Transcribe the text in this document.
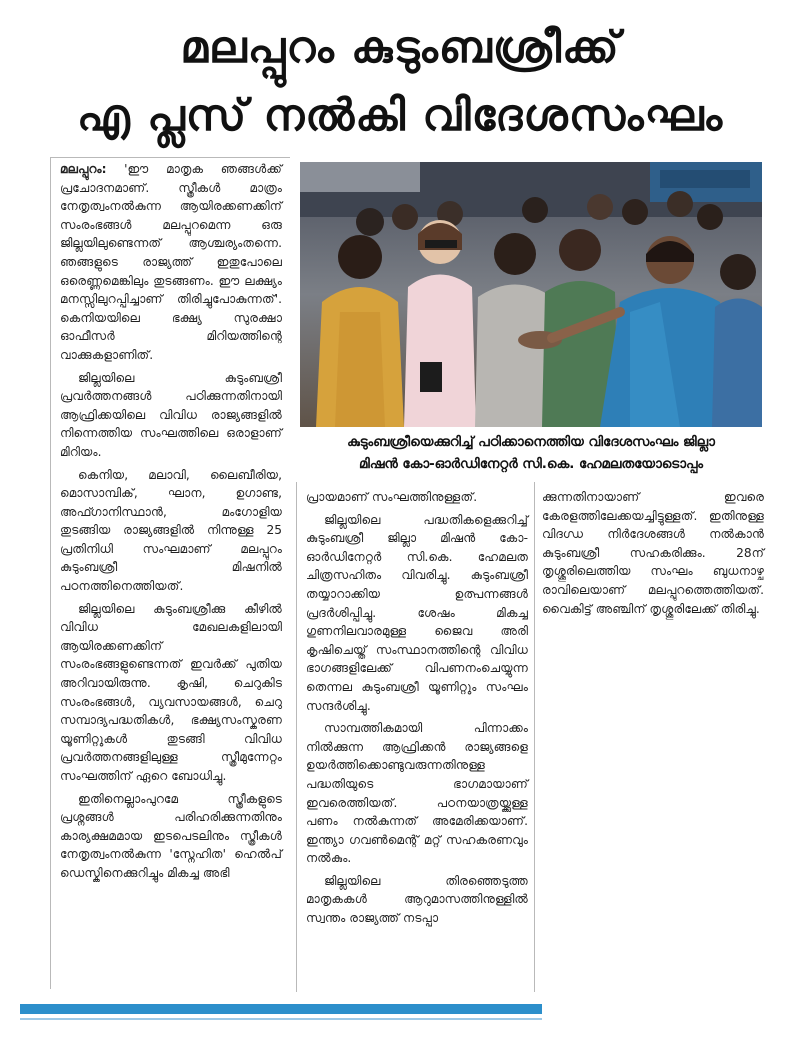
മലപ്പുറം കുടുംബശ്രീക്ക്
എ പ്ലസ് നൽകി വിദേശസംഘം

മലപ്പുറം: 'ഈ മാതൃക ഞങ്ങൾക്ക് പ്രചോദനമാണ്. സ്ത്രീകൾ മാത്രം നേതൃത്വംനൽകുന്ന ആയിരക്കണക്കിന് സംരംഭങ്ങൾ മലപ്പുറമെന്ന ഒരു ജില്ലയിലുണ്ടെന്നത് ആശ്ചര്യംതന്നെ. ഞങ്ങളുടെ രാജ്യത്ത് ഇതുപോലെ ഒരെണ്ണമെങ്കിലും തുടങ്ങണം. ഈ ലക്ഷ്യം മനസ്സിലുറപ്പിച്ചാണ് തിരിച്ചുപോകുന്നത്'. കെനിയയിലെ ഭക്ഷ്യ സുരക്ഷാ ഓഫീസർ മിറിയത്തിന്റെ വാക്കുകളാണിത്.

ജില്ലയിലെ കുടുംബശ്രീ പ്രവർത്തനങ്ങൾ പഠിക്കുന്നതിനായി ആഫ്രിക്കയിലെ വിവിധ രാജ്യങ്ങളിൽ നിന്നെത്തിയ സംഘത്തിലെ ഒരാളാണ് മിറിയം.

കെനിയ, മലാവി, ലൈബീരിയ, മൊസാമ്പിക്, ഘാന, ഉഗാണ്ട, അഫ്ഗാനിസ്ഥാൻ, മംഗോളിയ തുടങ്ങിയ രാജ്യങ്ങളിൽ നിന്നുള്ള 25 പ്രതിനിധി സംഘമാണ് മലപ്പുറം കുടുംബശ്രീ മിഷനിൽ പഠനത്തിനെത്തിയത്.

ജില്ലയിലെ കുടുംബശ്രീക്കു കീഴിൽ വിവിധ മേഖലകളിലായി ആയിരക്കണക്കിന് സംരംഭങ്ങളുണ്ടെന്നത് ഇവർക്ക് പുതിയ അറിവായിരുന്നു. കൃഷി, ചെറുകിട സംരംഭങ്ങൾ, വ്യവസായങ്ങൾ, ചെറു സമ്പാദ്യപദ്ധതികൾ, ഭക്ഷ്യസംസ്കരണ യൂണിറ്റുകൾ തുടങ്ങി വിവിധ പ്രവർത്തനങ്ങളിലുള്ള സ്ത്രീമുന്നേറ്റം സംഘത്തിന് ഏറെ ബോധിച്ചു.

ഇതിനെല്ലാംപുറമേ സ്ത്രീകളുടെ പ്രശ്നങ്ങൾ പരിഹരിക്കുന്നതിനും കാര്യക്ഷമമായ ഇടപെടലിനും സ്ത്രീകൾ നേതൃത്വംനൽകുന്ന 'സ്നേഹിത' ഹെൽപ് ഡെസ്കിനെക്കുറിച്ചും മികച്ച അഭി

കുടുംബശ്രീയെക്കുറിച്ച് പഠിക്കാനെത്തിയ വിദേശസംഘം ജില്ലാ
മിഷൻ കോ-ഓർഡിനേറ്റർ സി.കെ. ഹേമലതയോടൊപ്പം

പ്രായമാണ് സംഘത്തിനുള്ളത്.

ജില്ലയിലെ പദ്ധതികളെക്കുറിച്ച് കുടുംബശ്രീ ജില്ലാ മിഷൻ കോ-ഓർഡിനേറ്റർ സി.കെ. ഹേമലത ചിത്രസഹിതം വിവരിച്ചു. കുടുംബശ്രീ തയ്യാറാക്കിയ ഉത്പന്നങ്ങൾ പ്രദർശിപ്പിച്ചു. ശേഷം മികച്ച ഗുണനിലവാരമുള്ള ജൈവ അരി കൃഷിചെയ്ത് സംസ്ഥാനത്തിന്റെ വിവിധ ഭാഗങ്ങളിലേക്ക് വിപണനംചെയ്യുന്ന തെന്നല കുടുംബശ്രീ യൂണിറ്റും സംഘം സന്ദർശിച്ചു.

സാമ്പത്തികമായി പിന്നാക്കം നിൽക്കുന്ന ആഫ്രിക്കൻ രാജ്യങ്ങളെ ഉയർത്തിക്കൊണ്ടുവരുന്നതിനുള്ള പദ്ധതിയുടെ ഭാഗമായാണ് ഇവരെത്തിയത്. പഠനയാത്രയ്ക്കുള്ള പണം നൽകുന്നത് അമേരിക്കയാണ്. ഇന്ത്യാ ഗവൺമെന്റ് മറ്റ് സഹകരണവും നൽകും.

ജില്ലയിലെ തിരഞ്ഞെടുത്ത മാതൃകകൾ ആറുമാസത്തിനുള്ളിൽ സ്വന്തം രാജ്യത്ത് നടപ്പാ

ക്കുന്നതിനായാണ് ഇവരെ കേരളത്തിലേക്കയച്ചിട്ടുള്ളത്. ഇതിനുള്ള വിദഗ്ധ നിർദേശങ്ങൾ നൽകാൻ കുടുംബശ്രീ സഹകരിക്കും. 28ന് തൃശ്ശൂരിലെത്തിയ സംഘം ബുധനാഴ്ച രാവിലെയാണ് മലപ്പുറത്തെത്തിയത്. വൈകിട്ട് അഞ്ചിന് തൃശ്ശൂരിലേക്ക് തിരിച്ചു.
